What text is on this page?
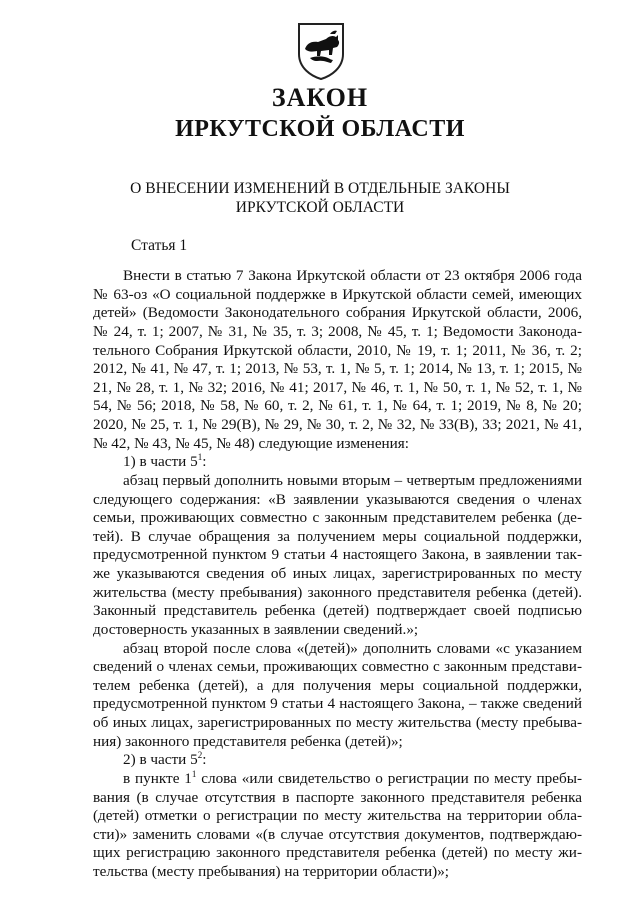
ЗАКОН
ИРКУТСКОЙ ОБЛАСТИ
О ВНЕСЕНИИ ИЗМЕНЕНИЙ В ОТДЕЛЬНЫЕ ЗАКОНЫ
ИРКУТСКОЙ ОБЛАСТИ
Статья 1

Внести в статью 7 Закона Иркутской области от 23 октября 2006 года № 63-оз «О социальной поддержке в Иркутской области семей, имеющих детей» (Ведомости Законодательного собрания Иркутской области, 2006, № 24, т. 1; 2007, № 31, № 35, т. 3; 2008, № 45, т. 1; Ведомости Законодательного Собрания Иркутской области, 2010, № 19, т. 1; 2011, № 36, т. 2; 2012, № 41, № 47, т. 1; 2013, № 53, т. 1, № 5, т. 1; 2014, № 13, т. 1; 2015, № 21, № 28, т. 1, № 32; 2016, № 41; 2017, № 46, т. 1, № 50, т. 1, № 52, т. 1, № 54, № 56; 2018, № 58, № 60, т. 2, № 61, т. 1, № 64, т. 1; 2019, № 8, № 20; 2020, № 25, т. 1, № 29(В), № 29, № 30, т. 2, № 32, № 33(В), 33; 2021, № 41, № 42, № 43, № 45, № 48) следующие изменения:

1) в части $5^1$:

абзац первый дополнить новыми вторым – четвертым предложениями следующего содержания: «В заявлении указываются сведения о членах семьи, проживающих совместно с законным представителем ребенка (детей). В случае обращения за получением меры социальной поддержки, предусмотренной пунктом 9 статьи 4 настоящего Закона, в заявлении также указываются сведения об иных лицах, зарегистрированных по месту жительства (месту пребывания) законного представителя ребенка (детей). Законный представитель ребенка (детей) подтверждает своей подписью достоверность указанных в заявлении сведений.»;

абзац второй после слова «(детей)» дополнить словами «с указанием сведений о членах семьи, проживающих совместно с законным представителем ребенка (детей), а для получения меры социальной поддержки, предусмотренной пунктом 9 статьи 4 настоящего Закона, – также сведений об иных лицах, зарегистрированных по месту жительства (месту пребывания) законного представителя ребенка (детей)»;

2) в части $5^2$:

в пункте $1^1$ слова «или свидетельство о регистрации по месту пребывания (в случае отсутствия в паспорте законного представителя ребенка (детей) отметки о регистрации по месту жительства на территории области)» заменить словами «(в случае отсутствия документов, подтверждающих регистрацию законного представителя ребенка (детей) по месту жительства (месту пребывания) на территории области)»;
